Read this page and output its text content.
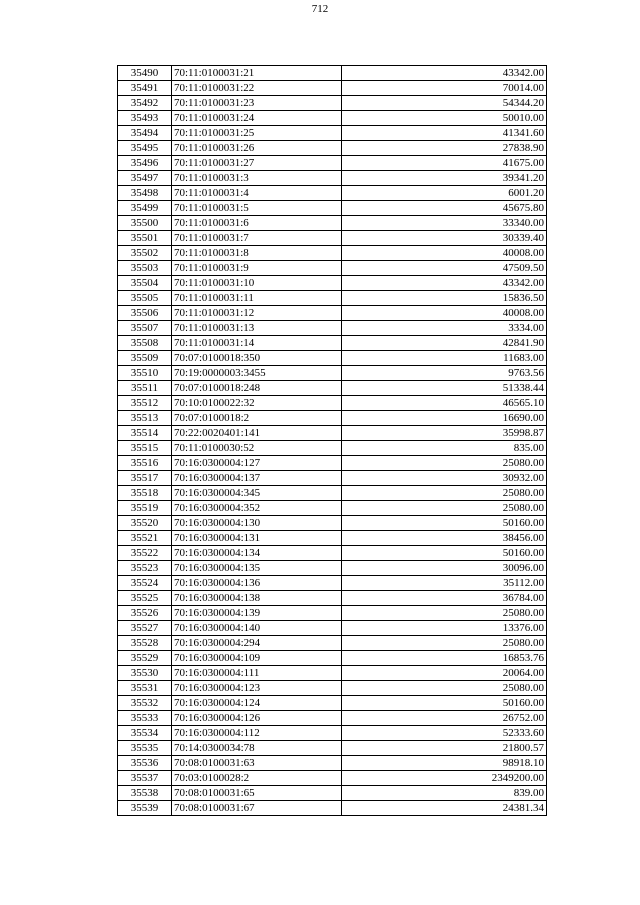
712
35490	70:11:0100031:21	43342.00
35491	70:11:0100031:22	70014.00
35492	70:11:0100031:23	54344.20
35493	70:11:0100031:24	50010.00
35494	70:11:0100031:25	41341.60
35495	70:11:0100031:26	27838.90
35496	70:11:0100031:27	41675.00
35497	70:11:0100031:3	39341.20
35498	70:11:0100031:4	6001.20
35499	70:11:0100031:5	45675.80
35500	70:11:0100031:6	33340.00
35501	70:11:0100031:7	30339.40
35502	70:11:0100031:8	40008.00
35503	70:11:0100031:9	47509.50
35504	70:11:0100031:10	43342.00
35505	70:11:0100031:11	15836.50
35506	70:11:0100031:12	40008.00
35507	70:11:0100031:13	3334.00
35508	70:11:0100031:14	42841.90
35509	70:07:0100018:350	11683.00
35510	70:19:0000003:3455	9763.56
35511	70:07:0100018:248	51338.44
35512	70:10:0100022:32	46565.10
35513	70:07:0100018:2	16690.00
35514	70:22:0020401:141	35998.87
35515	70:11:0100030:52	835.00
35516	70:16:0300004:127	25080.00
35517	70:16:0300004:137	30932.00
35518	70:16:0300004:345	25080.00
35519	70:16:0300004:352	25080.00
35520	70:16:0300004:130	50160.00
35521	70:16:0300004:131	38456.00
35522	70:16:0300004:134	50160.00
35523	70:16:0300004:135	30096.00
35524	70:16:0300004:136	35112.00
35525	70:16:0300004:138	36784.00
35526	70:16:0300004:139	25080.00
35527	70:16:0300004:140	13376.00
35528	70:16:0300004:294	25080.00
35529	70:16:0300004:109	16853.76
35530	70:16:0300004:111	20064.00
35531	70:16:0300004:123	25080.00
35532	70:16:0300004:124	50160.00
35533	70:16:0300004:126	26752.00
35534	70:16:0300004:112	52333.60
35535	70:14:0300034:78	21800.57
35536	70:08:0100031:63	98918.10
35537	70:03:0100028:2	2349200.00
35538	70:08:0100031:65	839.00
35539	70:08:0100031:67	24381.34
